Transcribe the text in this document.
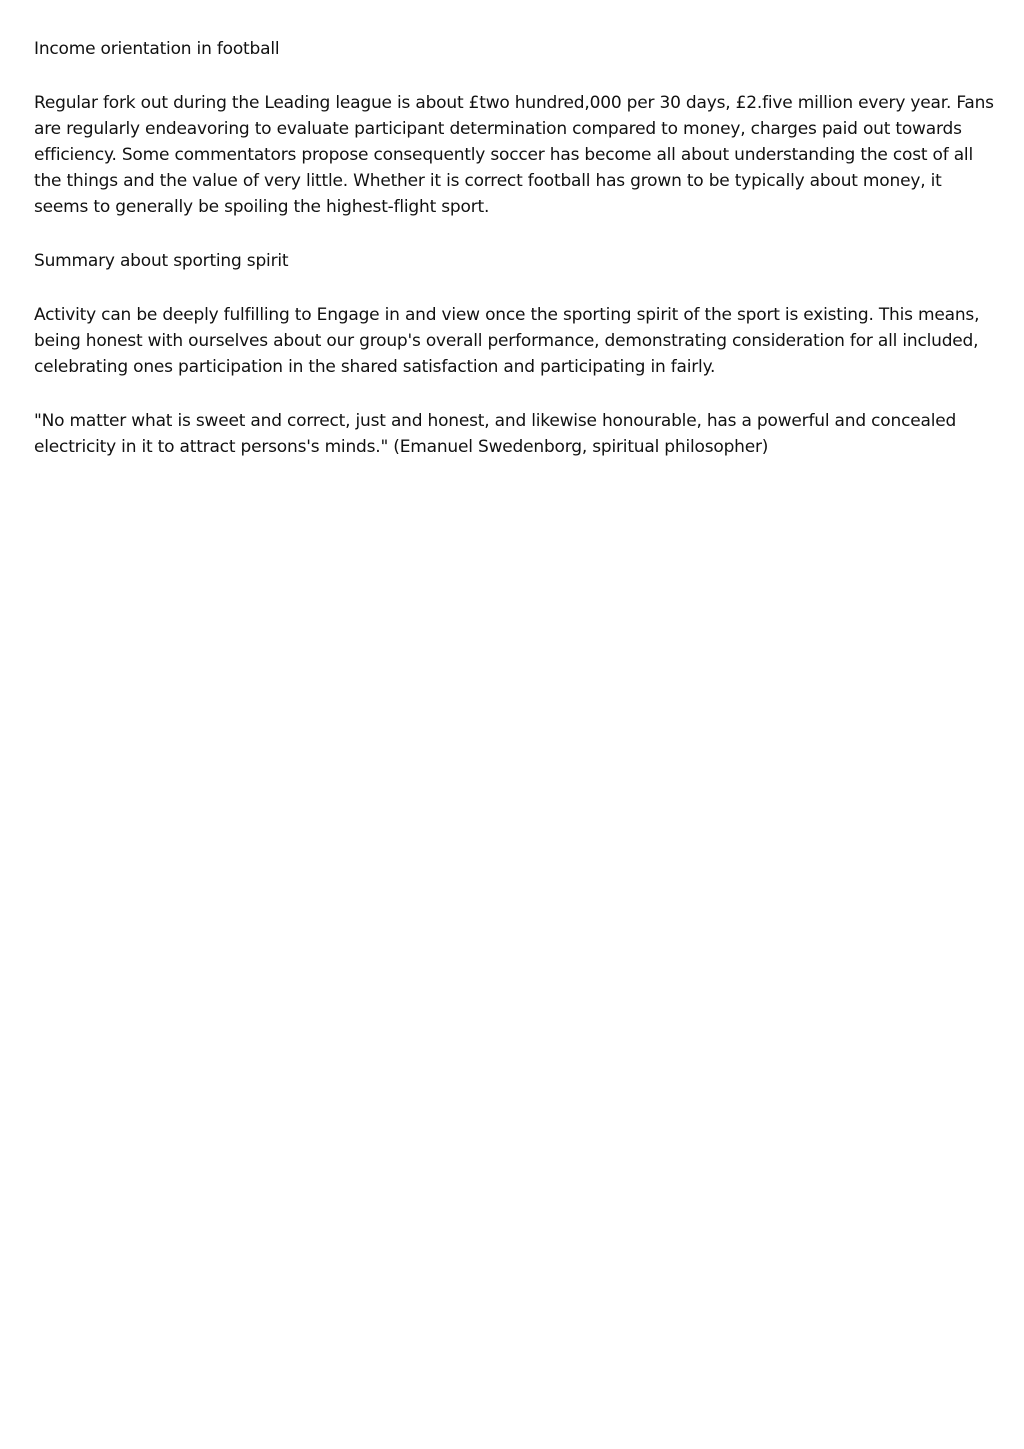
Income orientation in football

Regular fork out during the Leading league is about £two hundred,000 per 30 days, £2.five million every year. Fans are regularly endeavoring to evaluate participant determination compared to money, charges paid out towards efficiency. Some commentators propose consequently soccer has become all about understanding the cost of all the things and the value of very little. Whether it is correct football has grown to be typically about money, it seems to generally be spoiling the highest-flight sport.

Summary about sporting spirit

Activity can be deeply fulfilling to Engage in and view once the sporting spirit of the sport is existing. This means, being honest with ourselves about our group's overall performance, demonstrating consideration for all included, celebrating ones participation in the shared satisfaction and participating in fairly.

"No matter what is sweet and correct, just and honest, and likewise honourable, has a powerful and concealed electricity in it to attract persons's minds." (Emanuel Swedenborg, spiritual philosopher)
